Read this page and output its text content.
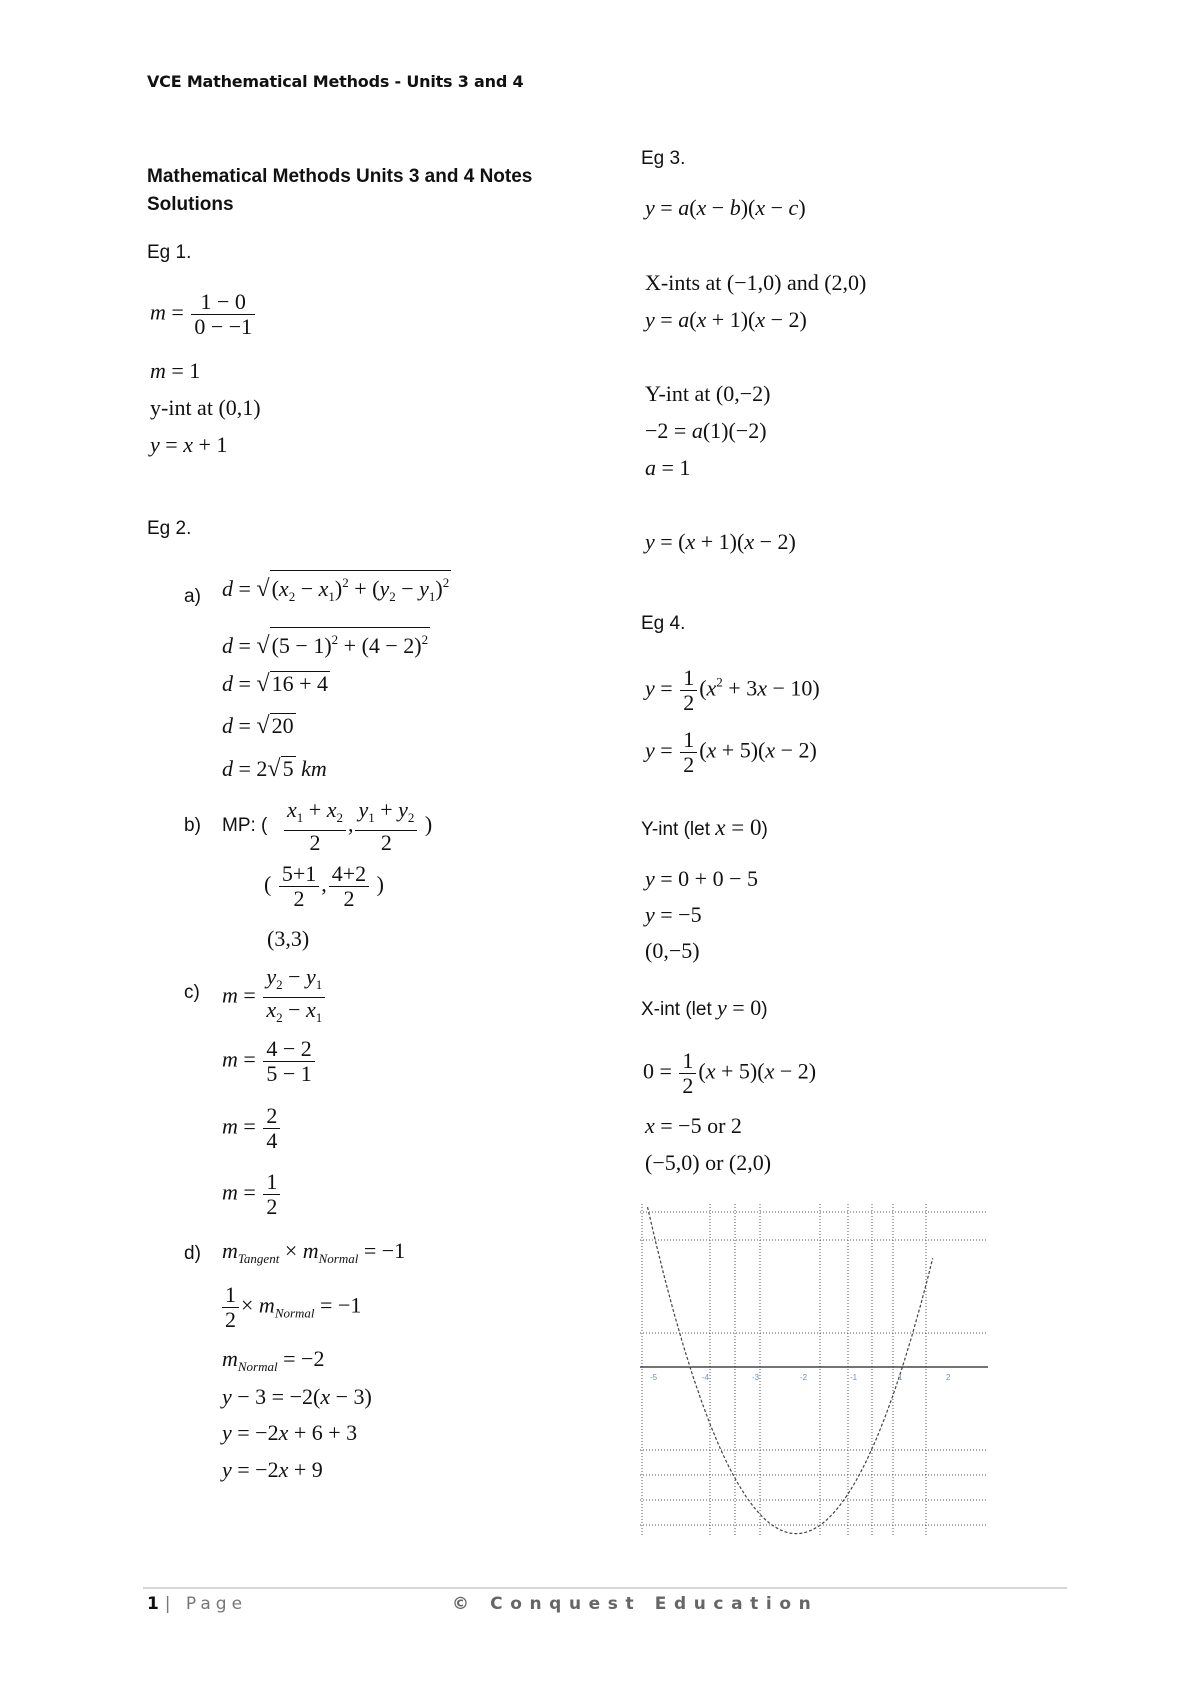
VCE Mathematical Methods - Units 3 and 4
Mathematical Methods Units 3 and 4 Notes Solutions
Eg 1.
$m = \frac{1 - 0}{0 - -1}$
m = 1
y-int at (0,1)
y = x + 1
Eg 2.
a) $d = √(x_2 - x_1)^2 + (y_2 - y_1)^2$
$d = √(5 - 1)^2 + (4 - 2)^2$
d = √16 + 4
d = √20
d = 2√5 km
b) MP: ( $\frac{x_1 + x_2}{2}$ , $\frac{y_1 + y_2}{2}$ )
( $\frac{5+1}{2}$ , $\frac{4+2}{2}$ )
(3,3)
c) $m = \frac{y_2 - y_1}{x_2 - x_1}$
$m = \frac{4 - 2}{5 - 1}$
$m = \frac{2}{4}$
$m = \frac{1}{2}$
d) $m_{Tangent} \times m_{Normal} = -1$
$\frac{1}{2} \times m_{Normal} = -1$
$m_{Normal} = -2$
y − 3 = −2(x − 3)
y = −2x + 6 + 3
y = −2x + 9
Eg 3.
y = a(x − b)(x − c)
X-ints at (−1,0) and (2,0)
y = a(x + 1)(x − 2)
Y-int at (0,−2)
−2 = a(1)(−2)
a = 1
y = (x + 1)(x − 2)
Eg 4.
$y = \frac{1}{2} (x^2 + 3x - 10)$
$y = \frac{1}{2} (x + 5)(x - 2)$
Y-int (let x = 0)
y = 0 + 0 − 5
y = −5
(0,−5)
X-int (let y = 0)
$0 = \frac{1}{2} (x + 5)(x - 2)$
x = −5 or 2
(−5,0) or (2,0)
-5	-4	-3	-2	-1	1	2
1 | Page	© Conquest Education
